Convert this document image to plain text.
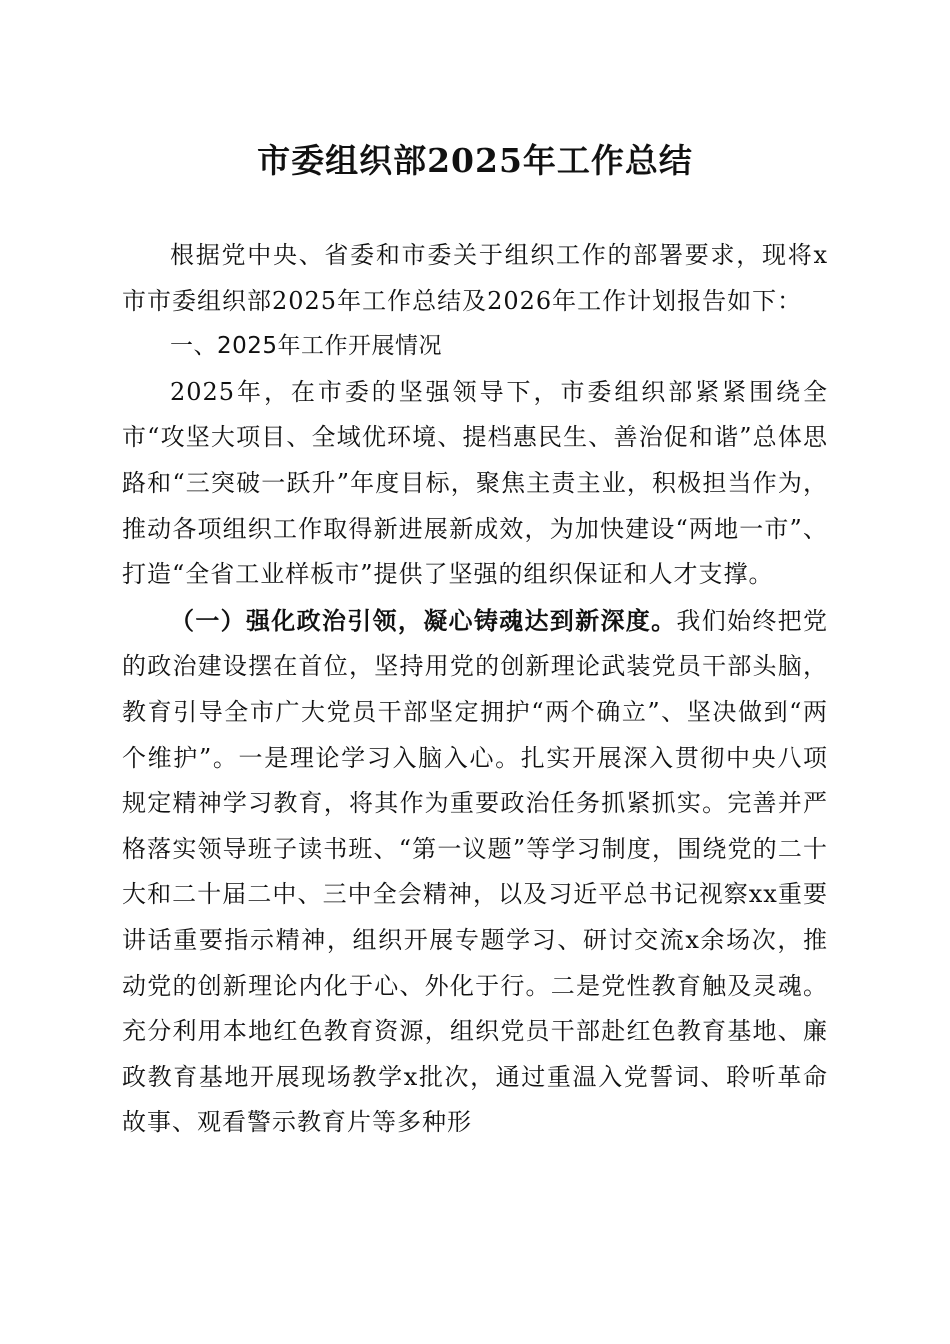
市委组织部2025年工作总结

根据党中央、省委和市委关于组织工作的部署要求，现将x市市委组织部2025年工作总结及2026年工作计划报告如下：

一、2025年工作开展情况

2025年，在市委的坚强领导下，市委组织部紧紧围绕全市“攻坚大项目、全域优环境、提档惠民生、善治促和谐”总体思路和“三突破一跃升”年度目标，聚焦主责主业，积极担当作为，推动各项组织工作取得新进展新成效，为加快建设“两地一市”、打造“全省工业样板市”提供了坚强的组织保证和人才支撑。

（一）强化政治引领，凝心铸魂达到新深度。我们始终把党的政治建设摆在首位，坚持用党的创新理论武装党员干部头脑，教育引导全市广大党员干部坚定拥护“两个确立”、坚决做到“两个维护”。一是理论学习入脑入心。扎实开展深入贯彻中央八项规定精神学习教育，将其作为重要政治任务抓紧抓实。完善并严格落实领导班子读书班、“第一议题”等学习制度，围绕党的二十大和二十届二中、三中全会精神，以及习近平总书记视察xx重要讲话重要指示精神，组织开展专题学习、研讨交流x余场次，推动党的创新理论内化于心、外化于行。二是党性教育触及灵魂。充分利用本地红色教育资源，组织党员干部赴红色教育基地、廉政教育基地开展现场教学x批次，通过重温入党誓词、聆听革命故事、观看警示教育片等多种形
